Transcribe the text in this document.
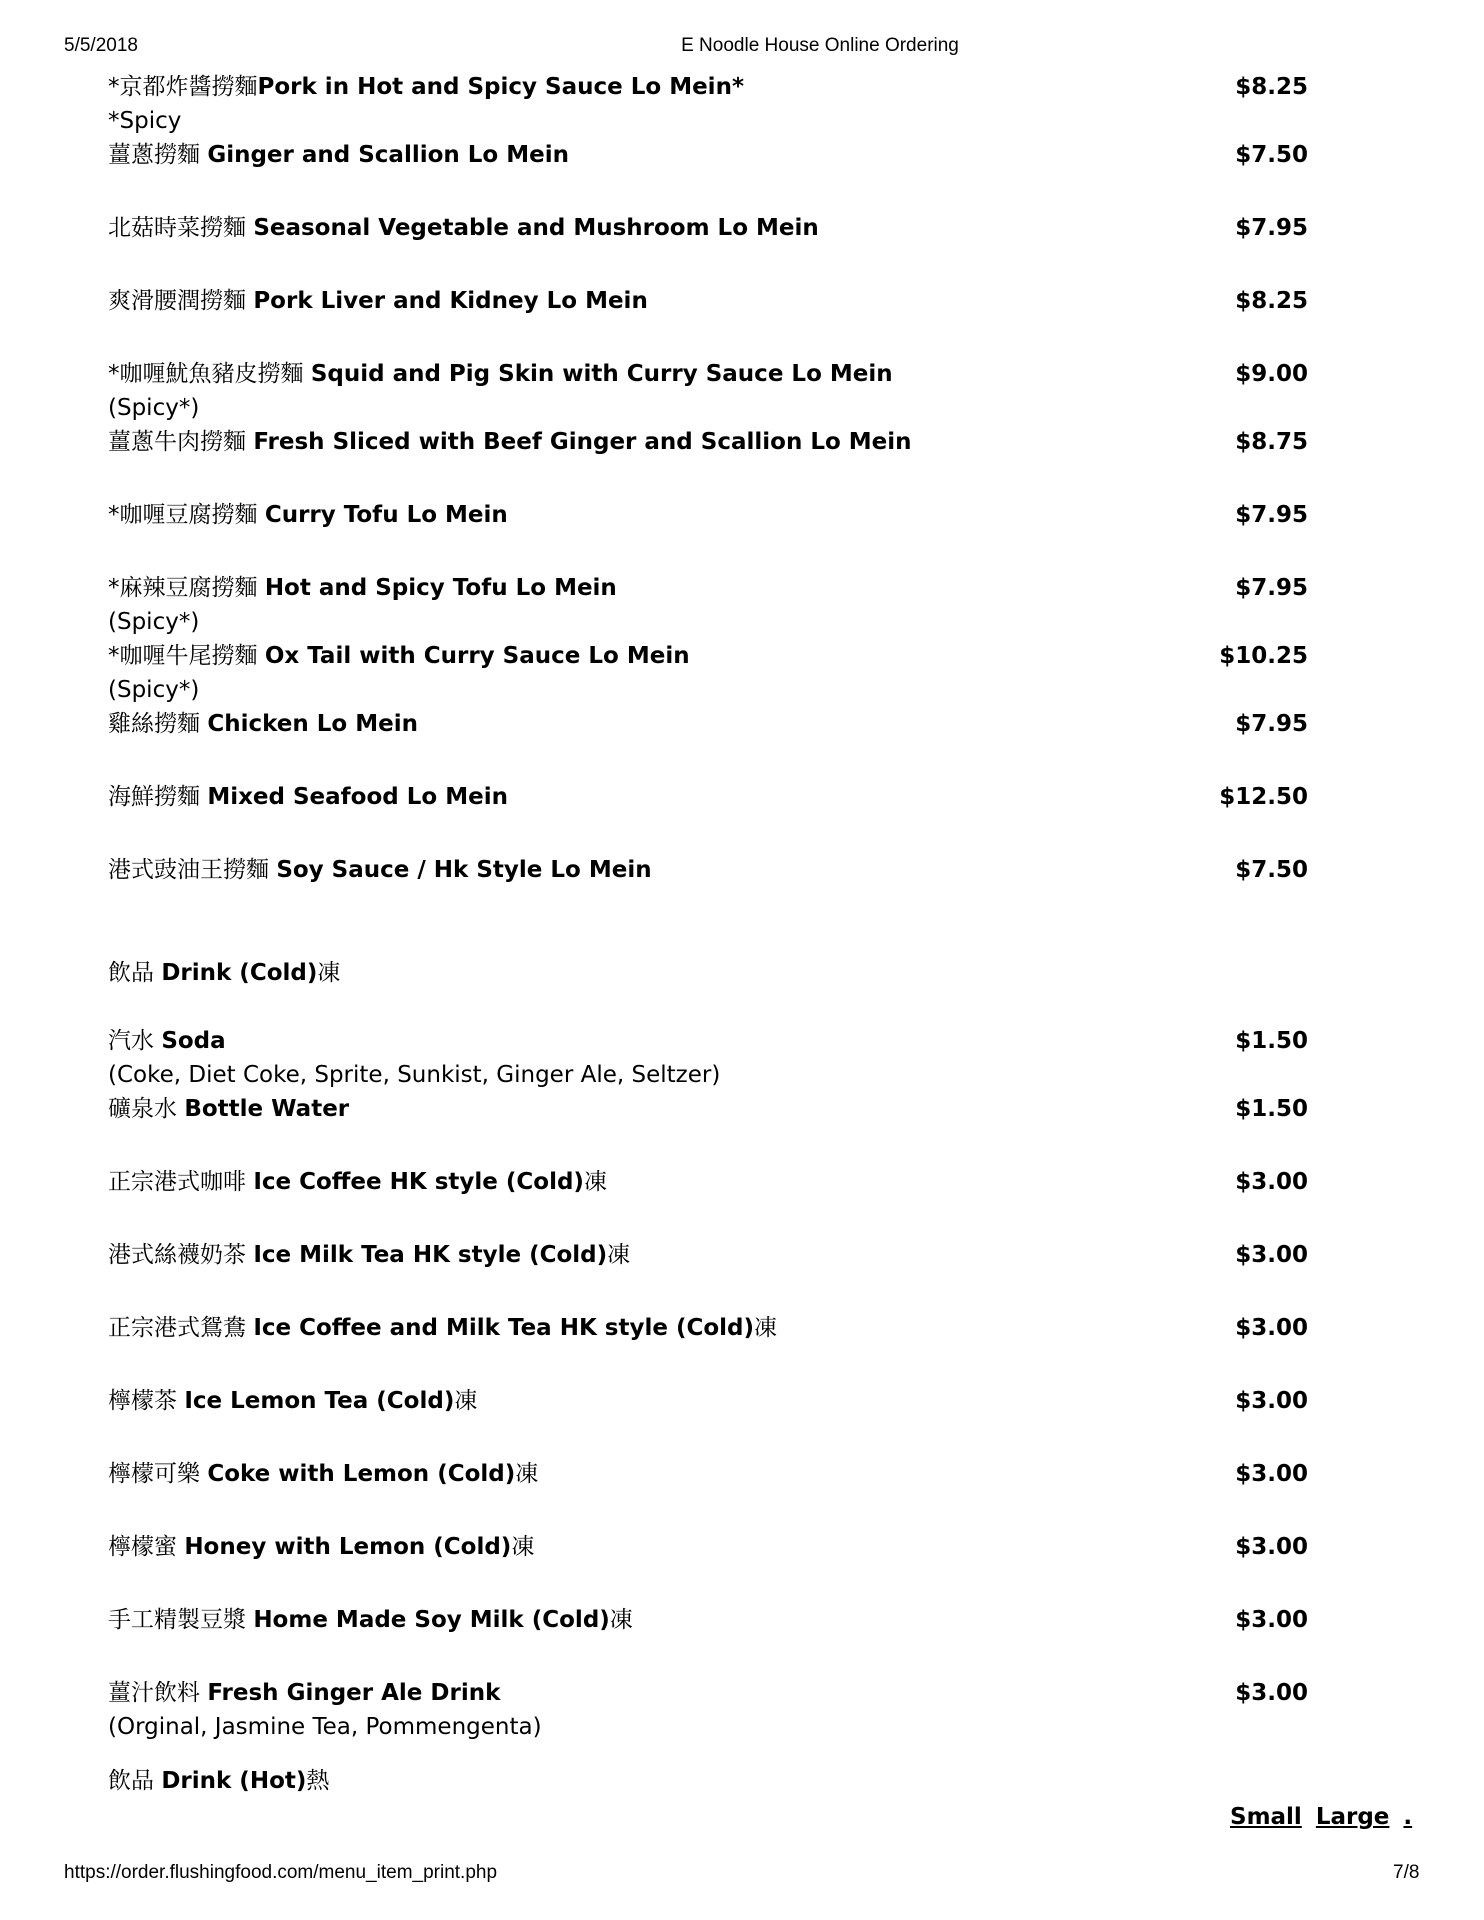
5/5/2018	E Noodle House Online Ordering
*京都炸醬撈麵Pork in Hot and Spicy Sauce Lo Mein*	$8.25
*Spicy
薑蔥撈麵 Ginger and Scallion Lo Mein	$7.50
北菇時菜撈麵 Seasonal Vegetable and Mushroom Lo Mein	$7.95
爽滑腰潤撈麵 Pork Liver and Kidney Lo Mein	$8.25
*咖喱魷魚豬皮撈麵 Squid and Pig Skin with Curry Sauce Lo Mein	$9.00
(Spicy*)
薑蔥牛肉撈麵 Fresh Sliced with Beef Ginger and Scallion Lo Mein	$8.75
*咖喱豆腐撈麵 Curry Tofu Lo Mein	$7.95
*麻辣豆腐撈麵 Hot and Spicy Tofu Lo Mein	$7.95
(Spicy*)
*咖喱牛尾撈麵 Ox Tail with Curry Sauce Lo Mein	$10.25
(Spicy*)
雞絲撈麵 Chicken Lo Mein	$7.95
海鮮撈麵 Mixed Seafood Lo Mein	$12.50
港式豉油王撈麵 Soy Sauce / Hk Style Lo Mein	$7.50
飲品 Drink (Cold)凍
汽水 Soda	$1.50
(Coke, Diet Coke, Sprite, Sunkist, Ginger Ale, Seltzer)
礦泉水 Bottle Water	$1.50
正宗港式咖啡 Ice Coffee HK style (Cold)凍	$3.00
港式絲襪奶茶 Ice Milk Tea HK style (Cold)凍	$3.00
正宗港式鴛鴦 Ice Coffee and Milk Tea HK style (Cold)凍	$3.00
檸檬茶 Ice Lemon Tea (Cold)凍	$3.00
檸檬可樂 Coke with Lemon (Cold)凍	$3.00
檸檬蜜 Honey with Lemon (Cold)凍	$3.00
手工精製豆漿 Home Made Soy Milk (Cold)凍	$3.00
薑汁飲料 Fresh Ginger Ale Drink	$3.00
(Orginal, Jasmine Tea, Pommengenta)
飲品 Drink (Hot)熱
Small Large .
https://order.flushingfood.com/menu_item_print.php	7/8
